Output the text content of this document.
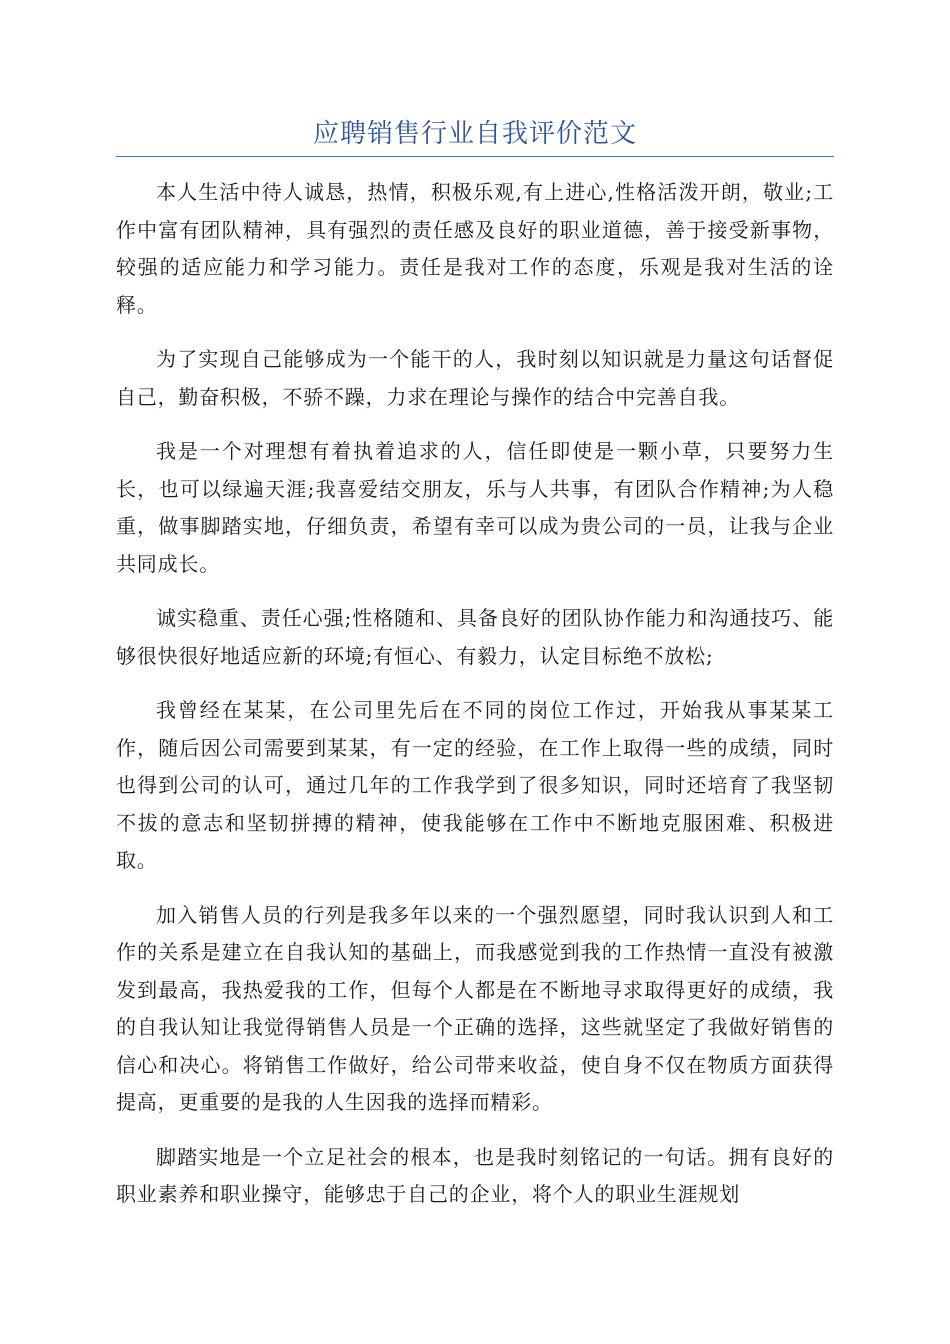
应聘销售行业自我评价范文

本人生活中待人诚恳，热情，积极乐观,有上进心,性格活泼开朗，敬业;工作中富有团队精神，具有强烈的责任感及良好的职业道德，善于接受新事物，较强的适应能力和学习能力。责任是我对工作的态度，乐观是我对生活的诠释。

为了实现自己能够成为一个能干的人，我时刻以知识就是力量这句话督促自己，勤奋积极，不骄不躁，力求在理论与操作的结合中完善自我。

我是一个对理想有着执着追求的人，信任即使是一颗小草，只要努力生长，也可以绿遍天涯;我喜爱结交朋友，乐与人共事，有团队合作精神;为人稳重，做事脚踏实地，仔细负责，希望有幸可以成为贵公司的一员，让我与企业共同成长。

诚实稳重、责任心强;性格随和、具备良好的团队协作能力和沟通技巧、能够很快很好地适应新的环境;有恒心、有毅力，认定目标绝不放松;

我曾经在某某，在公司里先后在不同的岗位工作过，开始我从事某某工作，随后因公司需要到某某，有一定的经验，在工作上取得一些的成绩，同时也得到公司的认可，通过几年的工作我学到了很多知识，同时还培育了我坚韧不拔的意志和坚韧拼搏的精神，使我能够在工作中不断地克服困难、积极进取。

加入销售人员的行列是我多年以来的一个强烈愿望，同时我认识到人和工作的关系是建立在自我认知的基础上，而我感觉到我的工作热情一直没有被激发到最高，我热爱我的工作，但每个人都是在不断地寻求取得更好的成绩，我的自我认知让我觉得销售人员是一个正确的选择，这些就坚定了我做好销售的信心和决心。将销售工作做好，给公司带来收益，使自身不仅在物质方面获得提高，更重要的是我的人生因我的选择而精彩。

脚踏实地是一个立足社会的根本，也是我时刻铭记的一句话。拥有良好的职业素养和职业操守，能够忠于自己的企业，将个人的职业生涯规划
